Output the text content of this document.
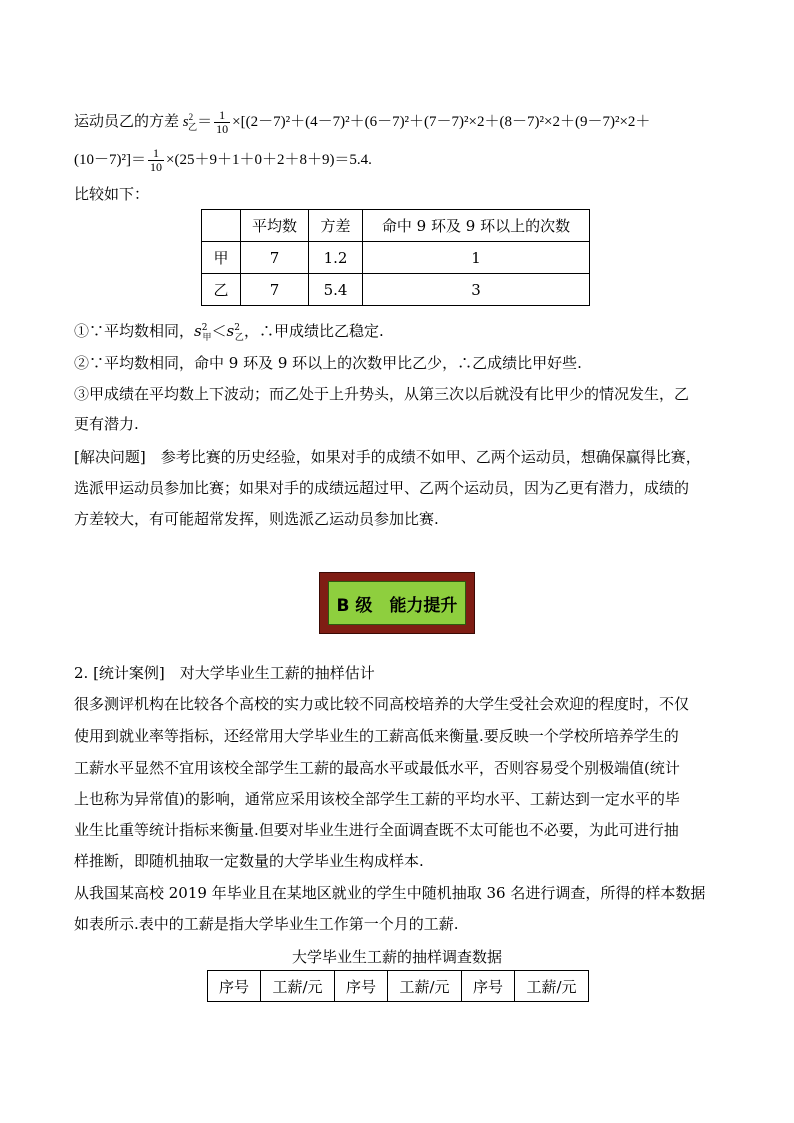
运动员乙的方差 $s^2_乙= \frac{1}{10} \times[(2-7)^2+(4-7)^2+(6-7)^2+(7-7)^2\times 2+(8-7)^2\times 2+(9-7)^2\times 2+$
$(10-7)^2]= \frac{1}{10} \times(25+9+1+0+2+8+9)=5.4$.
比较如下：
	平均数	方差	命中 9 环及 9 环以上的次数
甲	7	1.2	1
乙	7	5.4	3
①∵平均数相同，$s^2_甲<s^2_乙$，∴甲成绩比乙稳定.
②∵平均数相同，命中 9 环及 9 环以上的次数甲比乙少，∴乙成绩比甲好些.
③甲成绩在平均数上下波动；而乙处于上升势头，从第三次以后就没有比甲少的情况发生，乙
更有潜力.
[解决问题]　参考比赛的历史经验，如果对手的成绩不如甲、乙两个运动员，想确保赢得比赛，
选派甲运动员参加比赛；如果对手的成绩远超过甲、乙两个运动员，因为乙更有潜力，成绩的
方差较大，有可能超常发挥，则选派乙运动员参加比赛.
B 级　能力提升
2. [统计案例]　对大学毕业生工薪的抽样估计
很多测评机构在比较各个高校的实力或比较不同高校培养的大学生受社会欢迎的程度时，不仅
使用到就业率等指标，还经常用大学毕业生的工薪高低来衡量.要反映一个学校所培养学生的
工薪水平显然不宜用该校全部学生工薪的最高水平或最低水平，否则容易受个别极端值(统计
上也称为异常值)的影响，通常应采用该校全部学生工薪的平均水平、工薪达到一定水平的毕
业生比重等统计指标来衡量.但要对毕业生进行全面调查既不太可能也不必要，为此可进行抽
样推断，即随机抽取一定数量的大学毕业生构成样本.
从我国某高校 2019 年毕业且在某地区就业的学生中随机抽取 36 名进行调查，所得的样本数据
如表所示.表中的工薪是指大学毕业生工作第一个月的工薪.
大学毕业生工薪的抽样调查数据
序号	工薪/元	序号	工薪/元	序号	工薪/元
